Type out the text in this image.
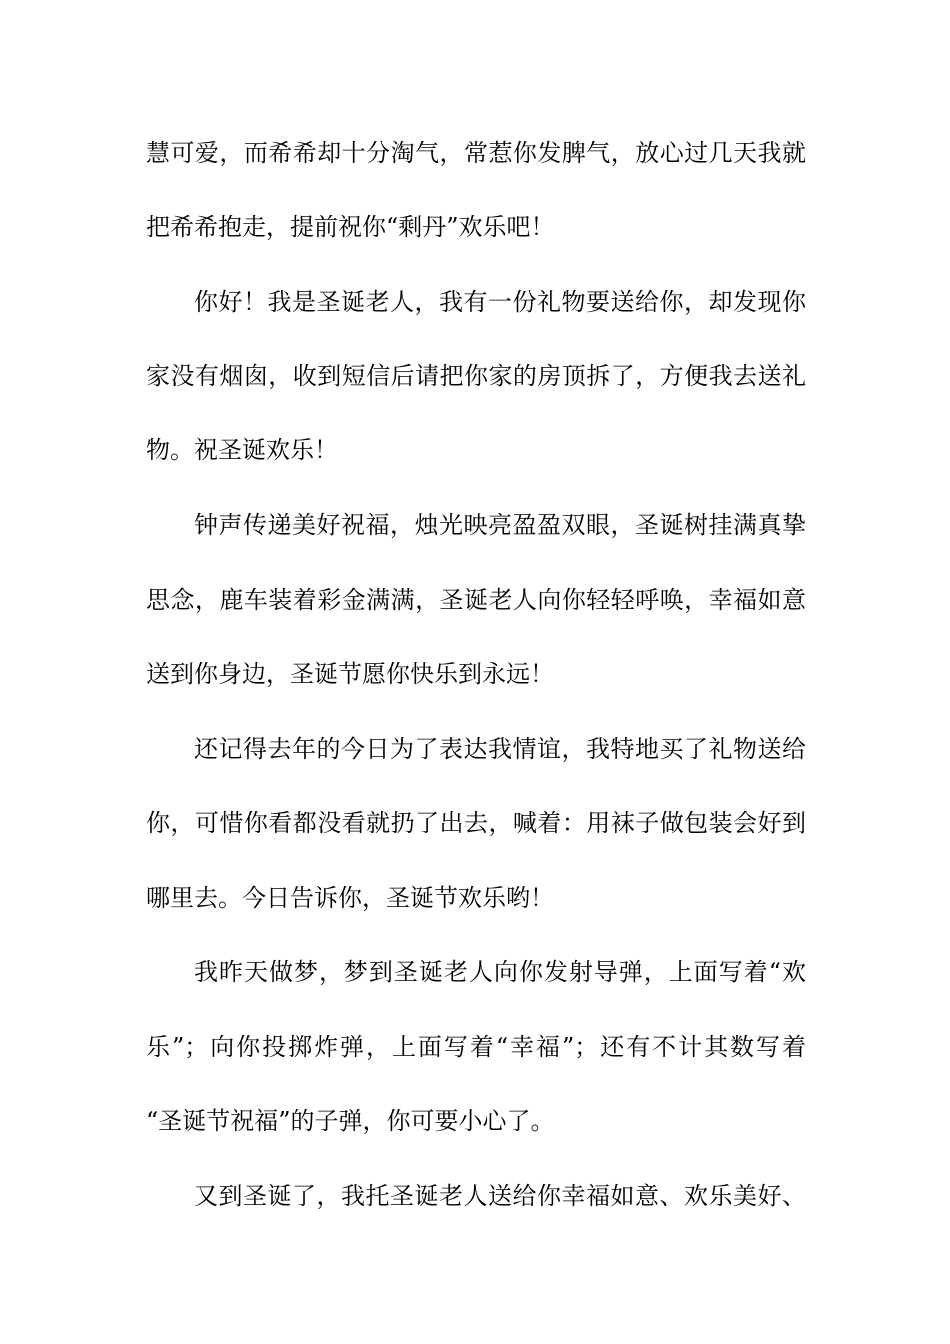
慧可爱，而希希却十分淘气，常惹你发脾气，放心过几天我就
把希希抱走，提前祝你“剩丹”欢乐吧！
你好！我是圣诞老人，我有一份礼物要送给你，却发现你
家没有烟囱，收到短信后请把你家的房顶拆了，方便我去送礼
物。祝圣诞欢乐！
钟声传递美好祝福，烛光映亮盈盈双眼，圣诞树挂满真挚
思念，鹿车装着彩金满满，圣诞老人向你轻轻呼唤，幸福如意
送到你身边，圣诞节愿你快乐到永远！
还记得去年的今日为了表达我情谊，我特地买了礼物送给
你，可惜你看都没看就扔了出去，喊着：用袜子做包装会好到
哪里去。今日告诉你，圣诞节欢乐哟！
我昨天做梦，梦到圣诞老人向你发射导弹，上面写着“欢
乐”；向你投掷炸弹，上面写着“幸福”；还有不计其数写着
“圣诞节祝福”的子弹，你可要小心了。
又到圣诞了，我托圣诞老人送给你幸福如意、欢乐美好、
